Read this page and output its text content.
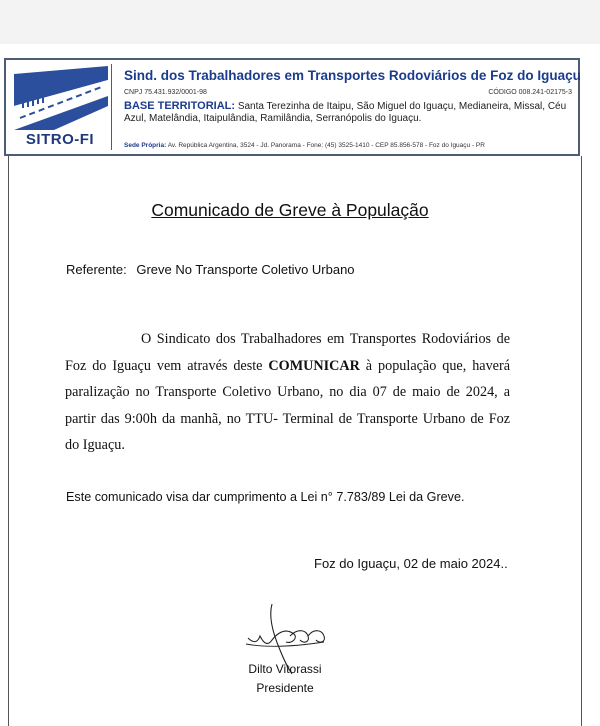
SITRO-FI
Sind. dos Trabalhadores em Transportes Rodoviários de Foz do Iguaçu
CNPJ 75.431.932/0001-98	CÓDIGO 008.241-02175-3
BASE TERRITORIAL: Santa Terezinha de Itaipu, São Miguel do Iguaçu, Medianeira, Missal, Céu Azul, Matelândia, Itaipulândia, Ramilândia, Serranópolis do Iguaçu.
Sede Própria: Av. República Argentina, 3524 - Jd. Panorama - Fone: (45) 3525-1410 - CEP 85.856-578 - Foz do Iguaçu - PR
Comunicado de Greve à População
Referente: Greve No Transporte Coletivo Urbano
O Sindicato dos Trabalhadores em Transportes Rodoviários de Foz do Iguaçu vem através deste COMUNICAR à população que, haverá paralização no Transporte Coletivo Urbano, no dia 07 de maio de 2024, a partir das 9:00h da manhã, no TTU- Terminal de Transporte Urbano de Foz do Iguaçu.
Este comunicado visa dar cumprimento a Lei n° 7.783/89 Lei da Greve.
Foz do Iguaçu, 02 de maio 2024..
Dilto Vitorassi
Presidente
